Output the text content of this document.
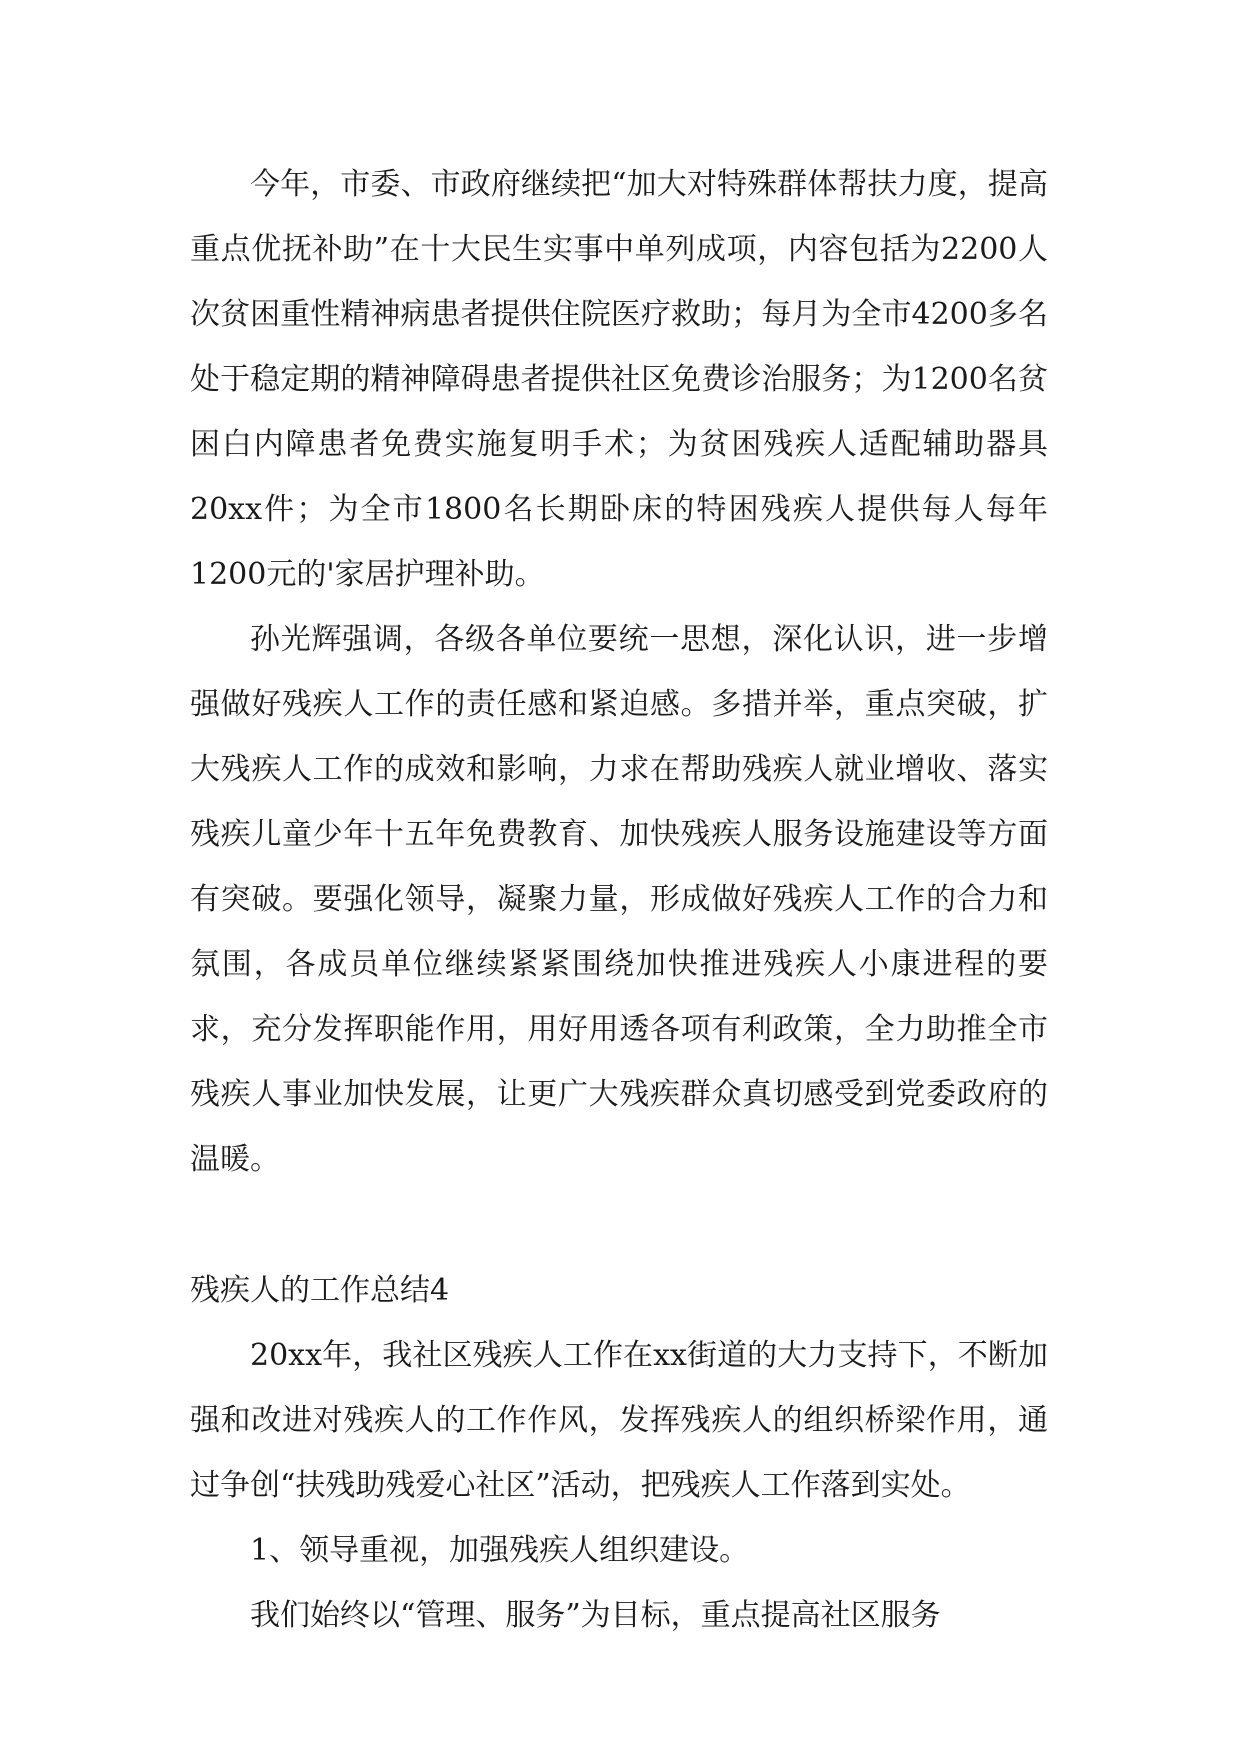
今年，市委、市政府继续把“加大对特殊群体帮扶力度，提高重点优抚补助”在十大民生实事中单列成项，内容包括为2200人次贫困重性精神病患者提供住院医疗救助；每月为全市4200多名处于稳定期的精神障碍患者提供社区免费诊治服务；为1200名贫困白内障患者免费实施复明手术；为贫困残疾人适配辅助器具20xx件；为全市1800名长期卧床的特困残疾人提供每人每年1200元的'家居护理补助。

孙光辉强调，各级各单位要统一思想，深化认识，进一步增强做好残疾人工作的责任感和紧迫感。多措并举，重点突破，扩大残疾人工作的成效和影响，力求在帮助残疾人就业增收、落实残疾儿童少年十五年免费教育、加快残疾人服务设施建设等方面有突破。要强化领导，凝聚力量，形成做好残疾人工作的合力和氛围，各成员单位继续紧紧围绕加快推进残疾人小康进程的要求，充分发挥职能作用，用好用透各项有利政策，全力助推全市残疾人事业加快发展，让更广大残疾群众真切感受到党委政府的温暖。

残疾人的工作总结4

20xx年，我社区残疾人工作在xx街道的大力支持下，不断加强和改进对残疾人的工作作风，发挥残疾人的组织桥梁作用，通过争创“扶残助残爱心社区”活动，把残疾人工作落到实处。

1、领导重视，加强残疾人组织建设。

我们始终以“管理、服务”为目标，重点提高社区服务
